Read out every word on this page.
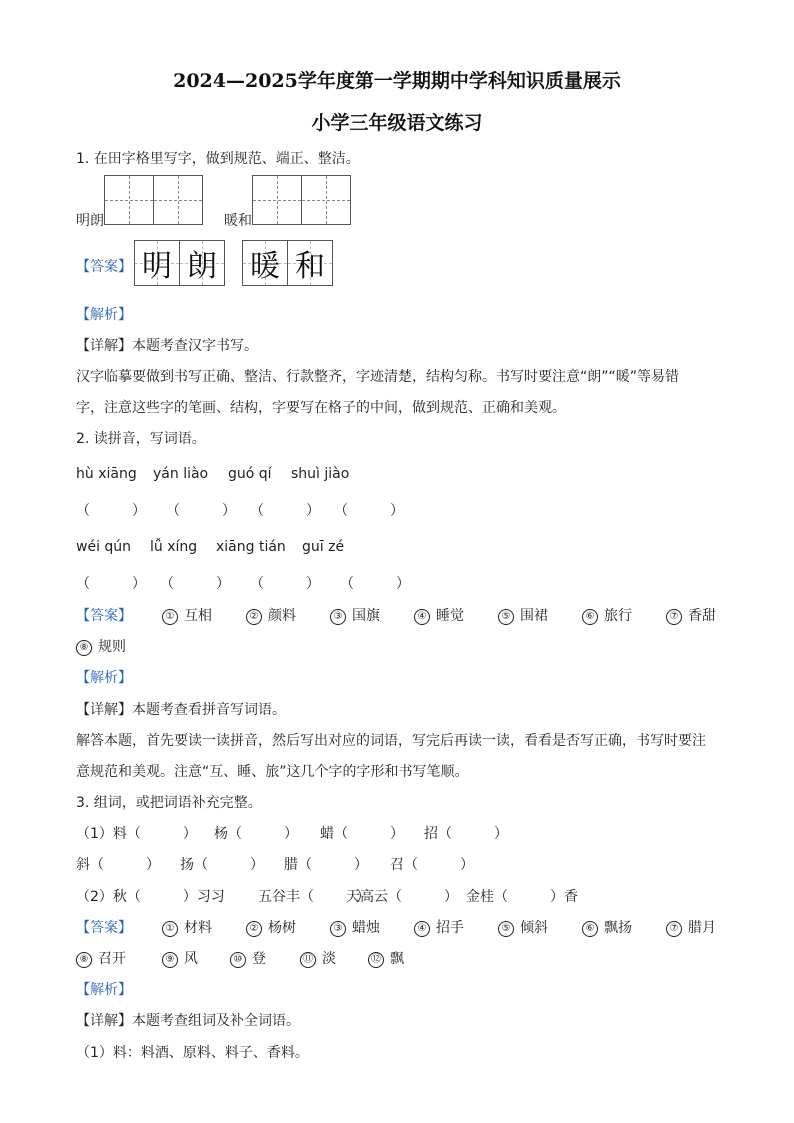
2024—2025学年度第一学期期中学科知识质量展示
小学三年级语文练习
1. 在田字格里写字，做到规范、端正、整洁。
明朗	暖和
【答案】 明 朗 暖 和
【解析】
【详解】本题考查汉字书写。
汉字临摹要做到书写正确、整洁、行款整齐，字迹清楚，结构匀称。书写时要注意“朗”“暖”等易错
字，注意这些字的笔画、结构，字要写在格子的中间，做到规范、正确和美观。
2. 读拼音，写词语。
hù xiāng yán liào guó qí shuì jiào
（　　　） （　　　） （　　　） （　　　）
wéi qún lǚ xíng xiāng tián guī zé
（　　　） （　　　） （　　　） （　　　）
【答案】	① 互相	② 颜料	③ 国旗	④ 睡觉	⑤ 围裙	⑥ 旅行	⑦ 香甜
⑧ 规则
【解析】
【详解】本题考查看拼音写词语。
解答本题，首先要读一读拼音，然后写出对应的词语，写完后再读一读，看看是否写正确，书写时要注
意规范和美观。注意“互、睡、旅”这几个字的字形和书写笔顺。
3. 组词，或把词语补充完整。
（1）料（　　　） 杨（　　　） 蜡（　　　） 招（　　　）
斜（　　　） 扬（　　　） 腊（　　　） 召（　　　）
（2）秋（　　　）习习 五谷丰（　　　）
天高云（　　　） 金桂（　　　）香
【答案】	① 材料	② 杨树	③ 蜡烛	④ 招手	⑤ 倾斜	⑥ 飘扬	⑦ 腊月
⑧ 召开	⑨ 风	⑩ 登	⑪ 淡	⑫ 飘
【解析】
【详解】本题考查组词及补全词语。
（1）料：料酒、原料、料子、香料。
